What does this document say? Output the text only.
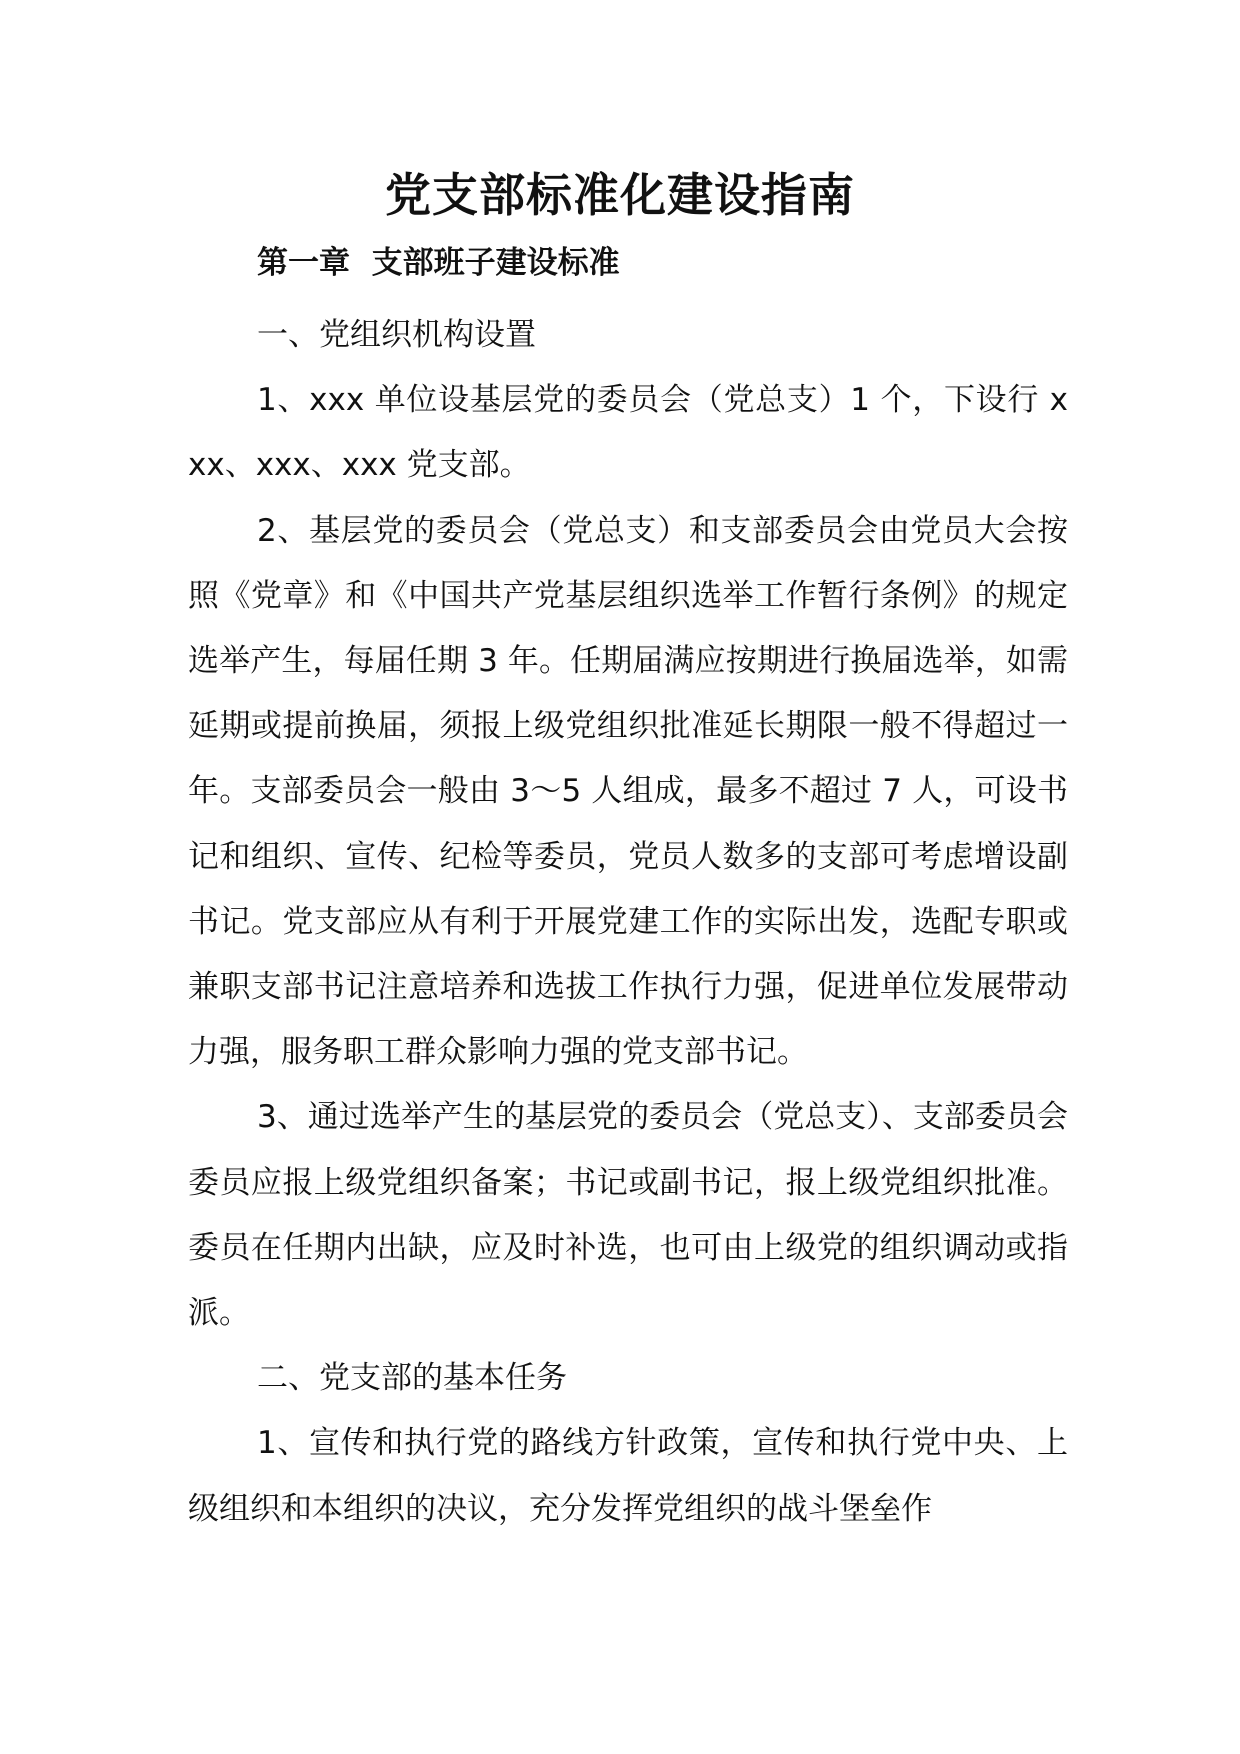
党支部标准化建设指南
第一章  支部班子建设标准

一、党组织机构设置

1、xxx 单位设基层党的委员会（党总支）1 个，下设行 xxx、xxx、xxx 党支部。

2、基层党的委员会（党总支）和支部委员会由党员大会按照《党章》和《中国共产党基层组织选举工作暂行条例》的规定选举产生，每届任期 3 年。任期届满应按期进行换届选举，如需延期或提前换届，须报上级党组织批准延长期限一般不得超过一年。支部委员会一般由 3～5 人组成，最多不超过 7 人，可设书记和组织、宣传、纪检等委员，党员人数多的支部可考虑增设副书记。党支部应从有利于开展党建工作的实际出发，选配专职或兼职支部书记注意培养和选拔工作执行力强，促进单位发展带动力强，服务职工群众影响力强的党支部书记。

3、通过选举产生的基层党的委员会（党总支）、支部委员会委员应报上级党组织备案；书记或副书记，报上级党组织批准。委员在任期内出缺，应及时补选，也可由上级党的组织调动或指派。

二、党支部的基本任务

1、宣传和执行党的路线方针政策，宣传和执行党中央、上级组织和本组织的决议，充分发挥党组织的战斗堡垒作
